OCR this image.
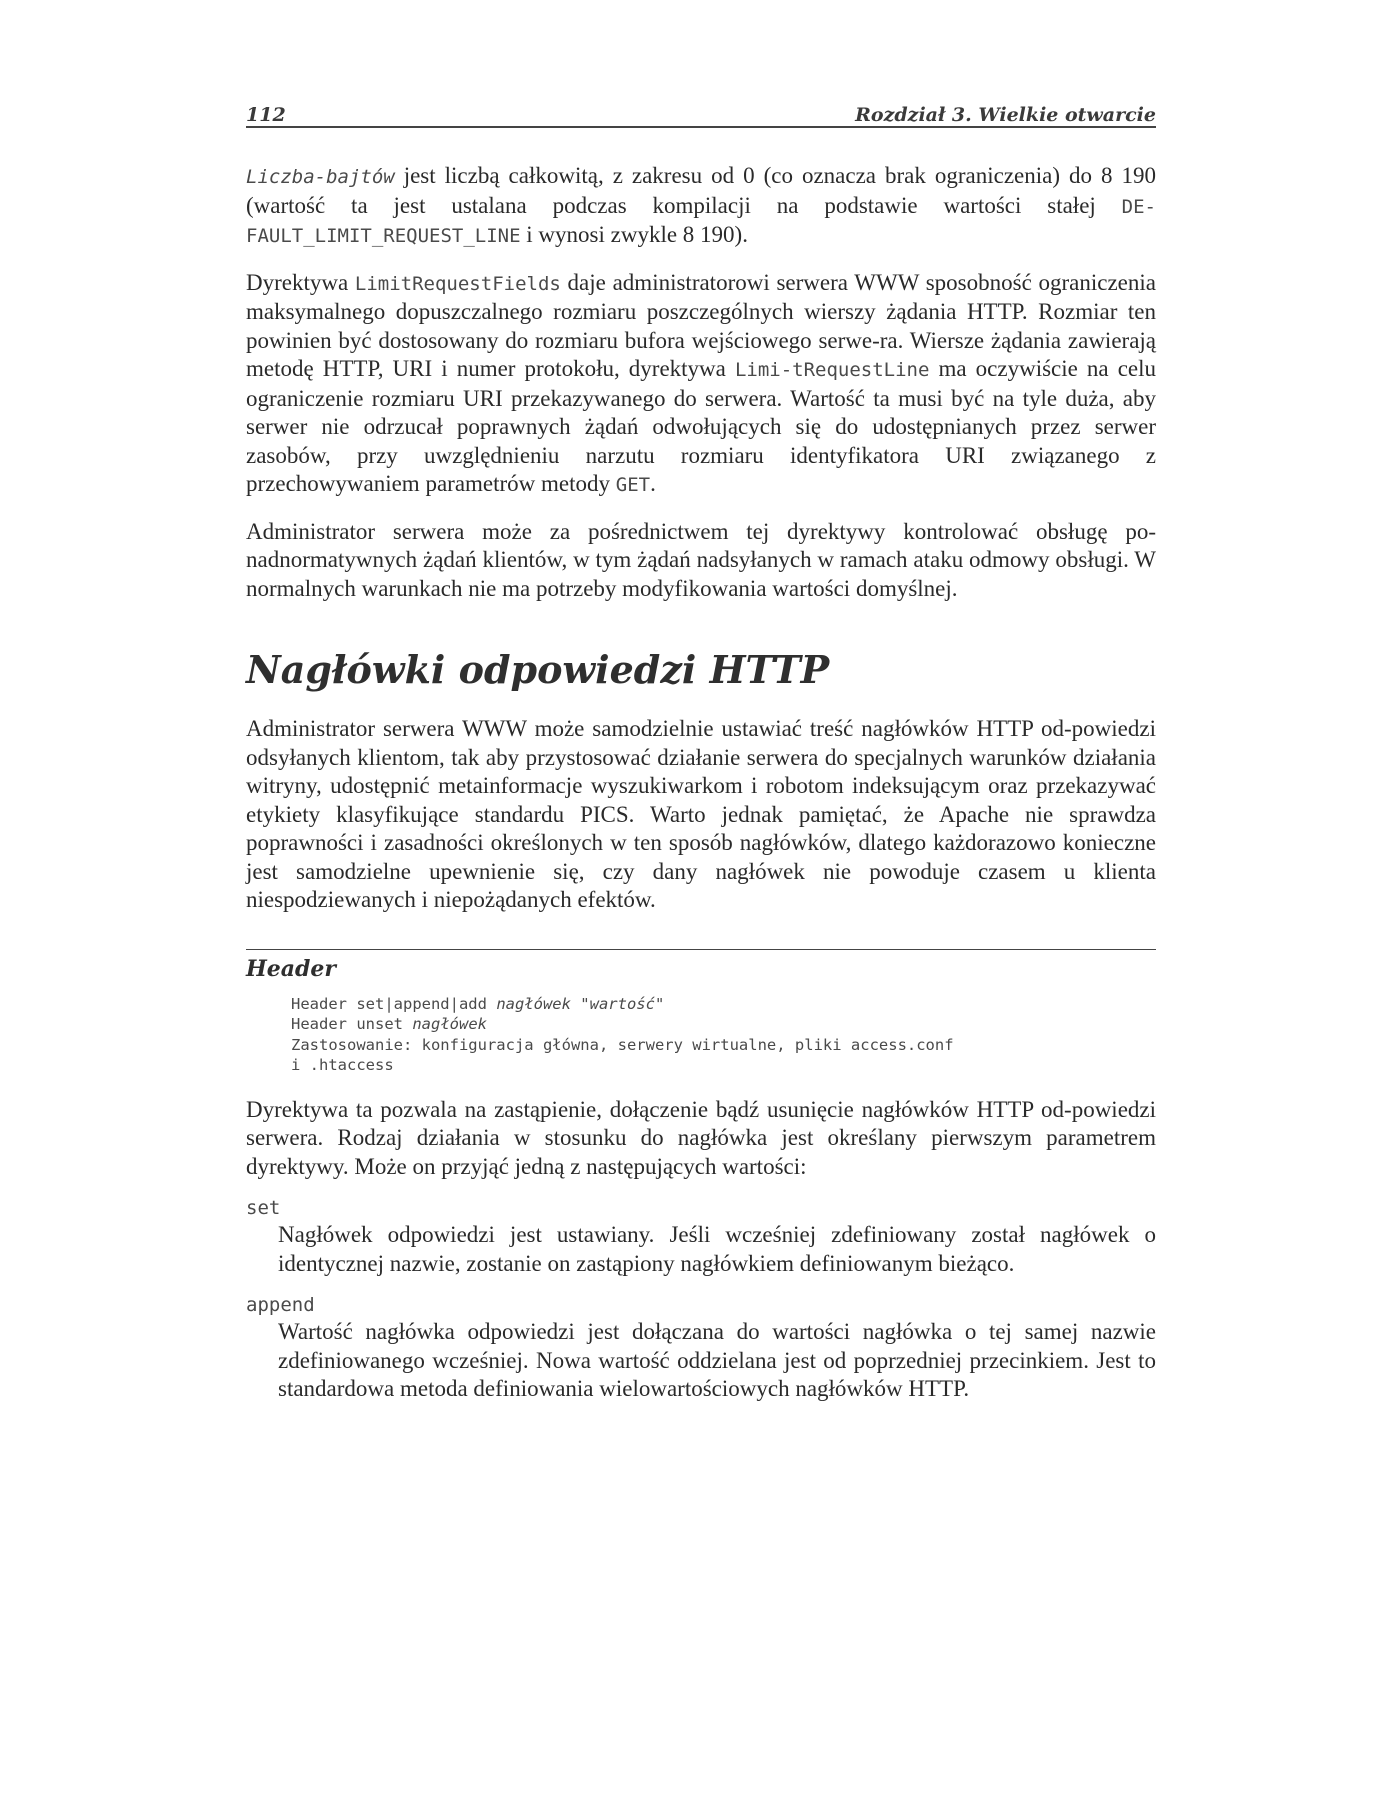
112	Rozdział 3. Wielkie otwarcie

Liczba-bajtów jest liczbą całkowitą, z zakresu od 0 (co oznacza brak ograniczenia) do 8 190 (wartość ta jest ustalana podczas kompilacji na podstawie wartości stałej DE-FAULT_LIMIT_REQUEST_LINE i wynosi zwykle 8 190).

Dyrektywa LimitRequestFields daje administratorowi serwera WWW sposobność ograniczenia maksymalnego dopuszczalnego rozmiaru poszczególnych wierszy żądania HTTP. Rozmiar ten powinien być dostosowany do rozmiaru bufora wejściowego serwe-ra. Wiersze żądania zawierają metodę HTTP, URI i numer protokołu, dyrektywa Limi-tRequestLine ma oczywiście na celu ograniczenie rozmiaru URI przekazywanego do serwera. Wartość ta musi być na tyle duża, aby serwer nie odrzucał poprawnych żądań odwołujących się do udostępnianych przez serwer zasobów, przy uwzględnieniu narzutu rozmiaru identyfikatora URI związanego z przechowywaniem parametrów metody GET.

Administrator serwera może za pośrednictwem tej dyrektywy kontrolować obsługę po-nadnormatywnych żądań klientów, w tym żądań nadsyłanych w ramach ataku odmowy obsługi. W normalnych warunkach nie ma potrzeby modyfikowania wartości domyślnej.

Nagłówki odpowiedzi HTTP

Administrator serwera WWW może samodzielnie ustawiać treść nagłówków HTTP od-powiedzi odsyłanych klientom, tak aby przystosować działanie serwera do specjalnych warunków działania witryny, udostępnić metainformacje wyszukiwarkom i robotom indeksującym oraz przekazywać etykiety klasyfikujące standardu PICS. Warto jednak pamiętać, że Apache nie sprawdza poprawności i zasadności określonych w ten sposób nagłówków, dlatego każdorazowo konieczne jest samodzielne upewnienie się, czy dany nagłówek nie powoduje czasem u klienta niespodziewanych i niepożądanych efektów.

Header
Header set|append|add nagłówek "wartość"
Header unset nagłówek
Zastosowanie: konfiguracja główna, serwery wirtualne, pliki access.conf
i .htaccess

Dyrektywa ta pozwala na zastąpienie, dołączenie bądź usunięcie nagłówków HTTP od-powiedzi serwera. Rodzaj działania w stosunku do nagłówka jest określany pierwszym parametrem dyrektywy. Może on przyjąć jedną z następujących wartości:

set

Nagłówek odpowiedzi jest ustawiany. Jeśli wcześniej zdefiniowany został nagłówek o identycznej nazwie, zostanie on zastąpiony nagłówkiem definiowanym bieżąco.

append

Wartość nagłówka odpowiedzi jest dołączana do wartości nagłówka o tej samej nazwie zdefiniowanego wcześniej. Nowa wartość oddzielana jest od poprzedniej przecinkiem. Jest to standardowa metoda definiowania wielowartościowych nagłówków HTTP.
